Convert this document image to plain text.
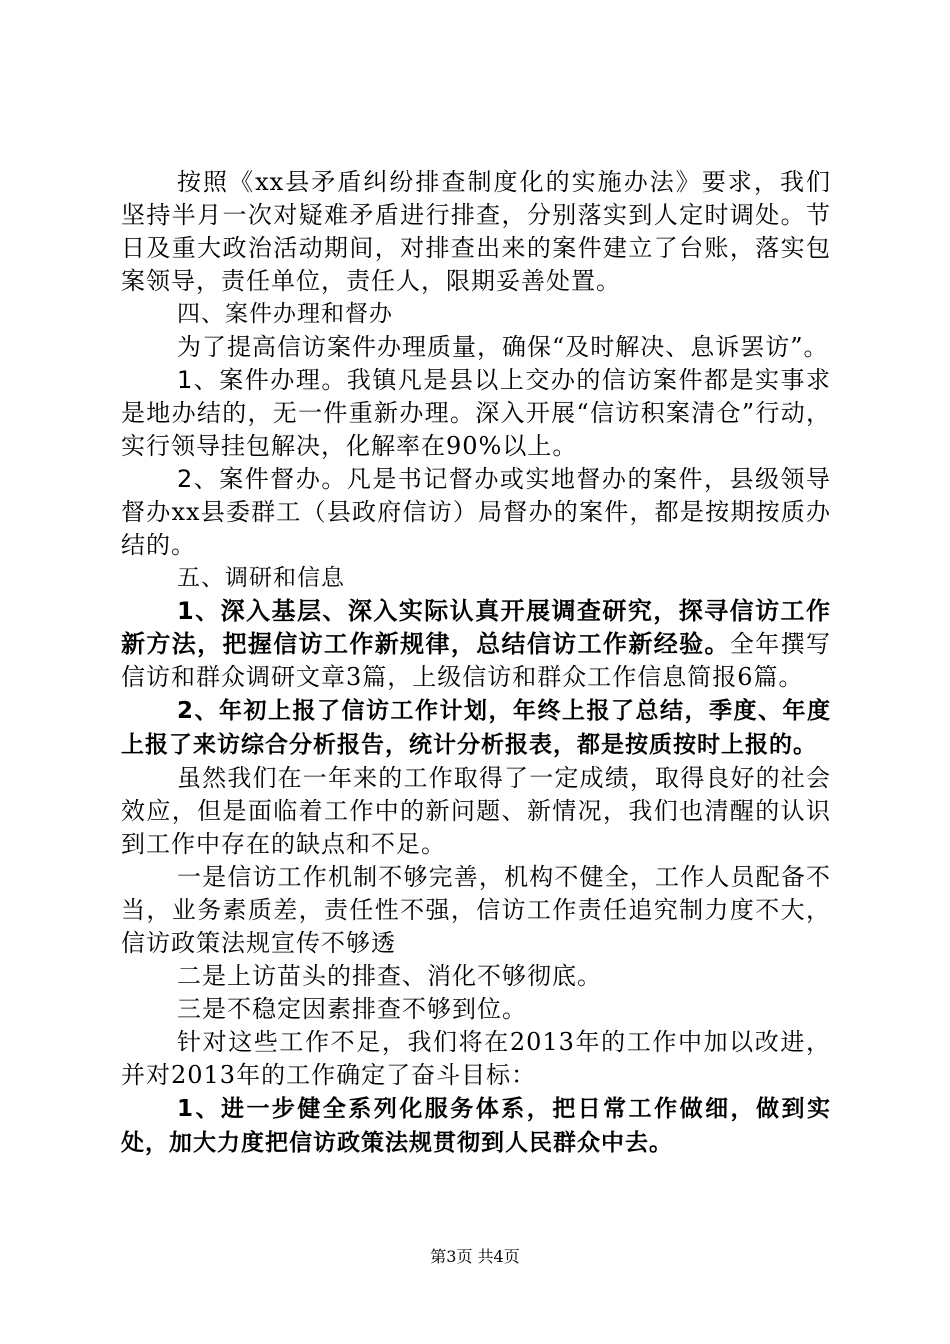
按照《xx县矛盾纠纷排查制度化的实施办法》要求，我们坚持半月一次对疑难矛盾进行排查，分别落实到人定时调处。节日及重大政治活动期间，对排查出来的案件建立了台账，落实包案领导，责任单位，责任人，限期妥善处置。

四、案件办理和督办

为了提高信访案件办理质量，确保“及时解决、息诉罢访”。

1、案件办理。我镇凡是县以上交办的信访案件都是实事求是地办结的，无一件重新办理。深入开展“信访积案清仓”行动，实行领导挂包解决，化解率在90%以上。

2、案件督办。凡是书记督办或实地督办的案件，县级领导督办xx县委群工（县政府信访）局督办的案件，都是按期按质办结的。

五、调研和信息

1、深入基层、深入实际认真开展调查研究，探寻信访工作新方法，把握信访工作新规律，总结信访工作新经验。全年撰写信访和群众调研文章3篇，上级信访和群众工作信息简报6篇。

2、年初上报了信访工作计划，年终上报了总结，季度、年度上报了来访综合分析报告，统计分析报表，都是按质按时上报的。

虽然我们在一年来的工作取得了一定成绩，取得良好的社会效应，但是面临着工作中的新问题、新情况，我们也清醒的认识到工作中存在的缺点和不足。

一是信访工作机制不够完善，机构不健全，工作人员配备不当，业务素质差，责任性不强，信访工作责任追究制力度不大，信访政策法规宣传不够透

二是上访苗头的排查、消化不够彻底。

三是不稳定因素排查不够到位。

针对这些工作不足，我们将在2013年的工作中加以改进，并对2013年的工作确定了奋斗目标：

1、进一步健全系列化服务体系，把日常工作做细，做到实处，加大力度把信访政策法规贯彻到人民群众中去。

第3页 共4页
